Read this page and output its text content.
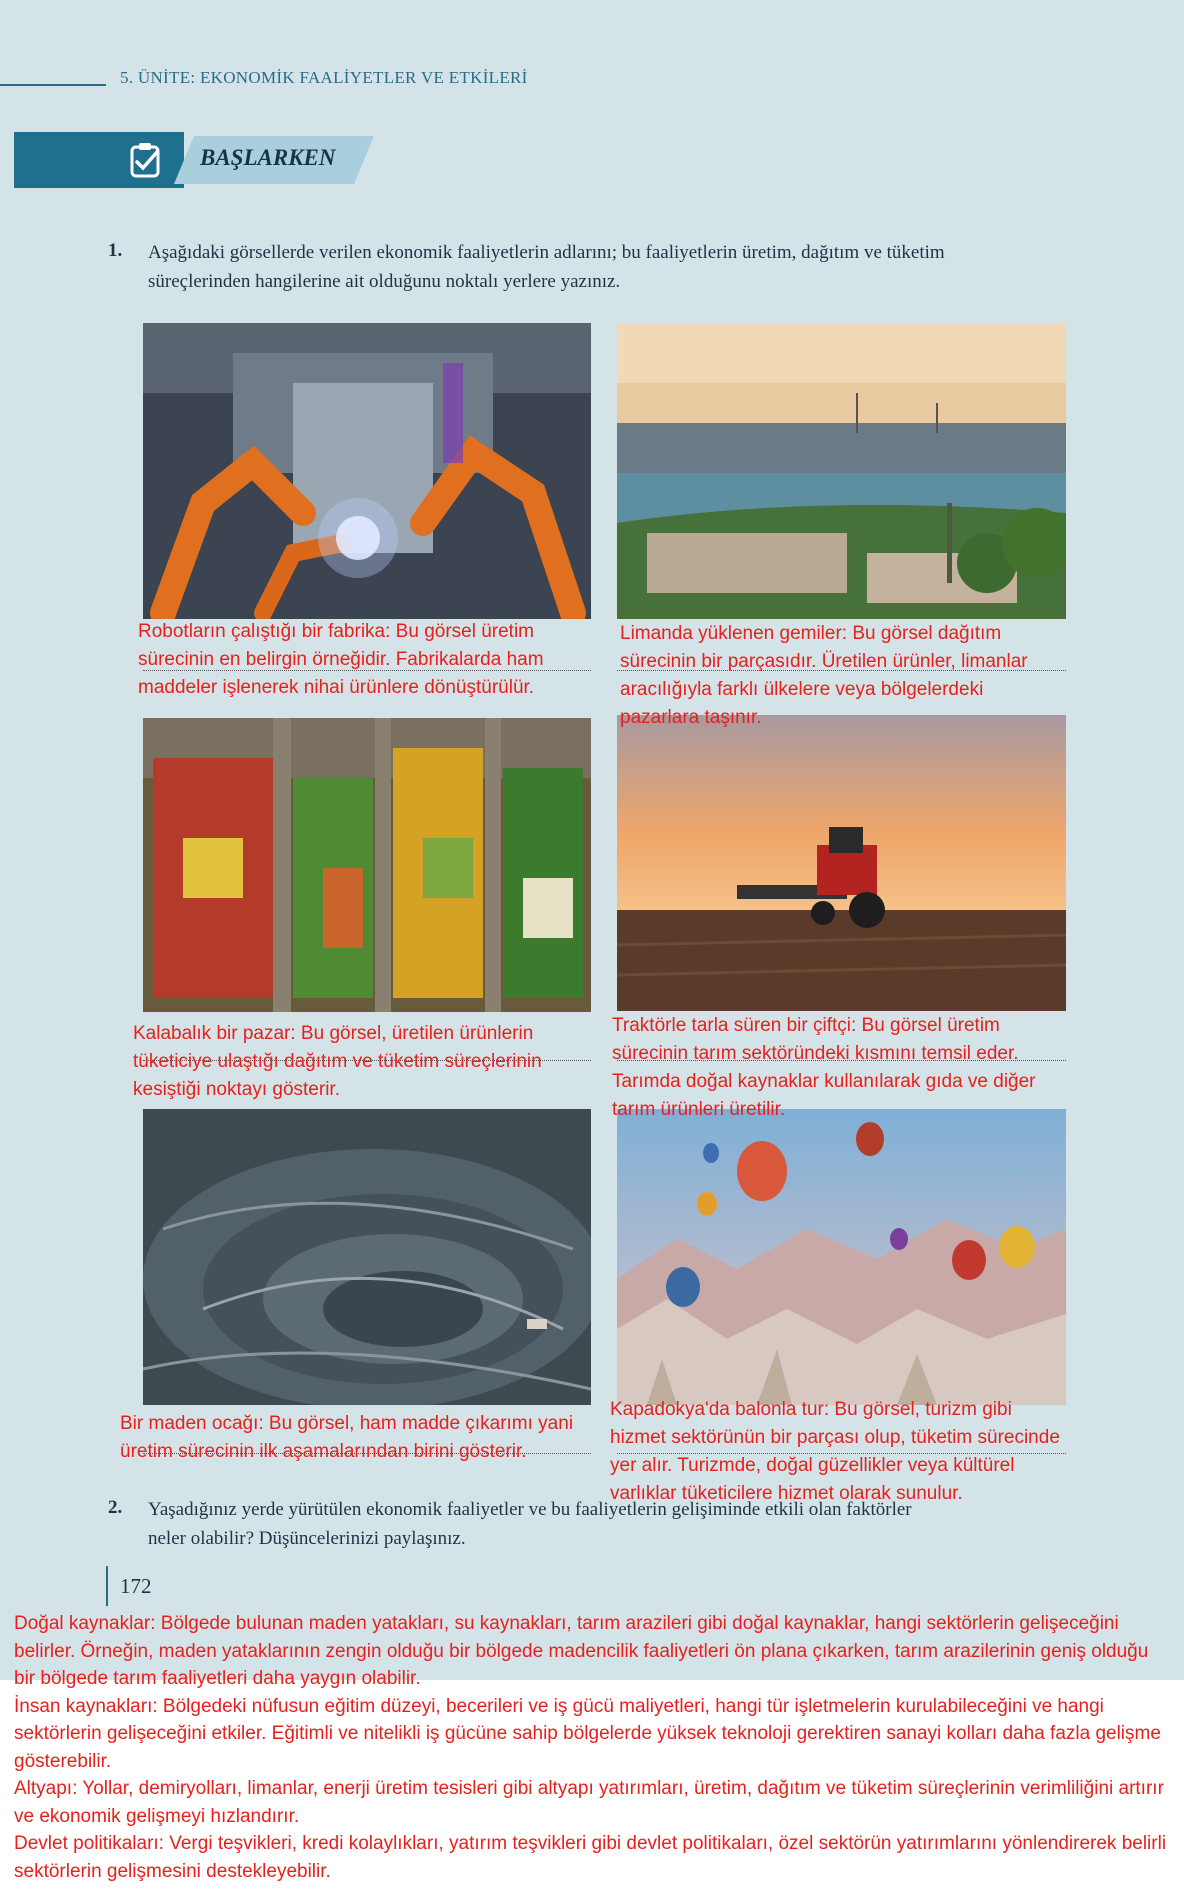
5. ÜNİTE: EKONOMİK FAALİYETLER VE ETKİLERİ
BAŞLARKEN
1. Aşağıdaki görsellerde verilen ekonomik faaliyetlerin adlarını; bu faaliyetlerin üretim, dağıtım ve tüketim
süreçlerinden hangilerine ait olduğunu noktalı yerlere yazınız.
2. Yaşadığınız yerde yürütülen ekonomik faaliyetler ve bu faaliyetlerin gelişiminde etkili olan faktörler
neler olabilir? Düşüncelerinizi paylaşınız.
Robotların çalıştığı bir fabrika: Bu görsel üretim sürecinin en belirgin örneğidir. Fabrikalarda ham maddeler işlenerek nihai ürünlere dönüştürülür.
Limanda yüklenen gemiler: Bu görsel dağıtım sürecinin bir parçasıdır. Üretilen ürünler, limanlar aracılığıyla farklı ülkelere veya bölgelerdeki pazarlara taşınır.
Kalabalık bir pazar: Bu görsel, üretilen ürünlerin tüketiciye ulaştığı dağıtım ve tüketim süreçlerinin kesiştiği noktayı gösterir.
Traktörle tarla süren bir çiftçi: Bu görsel üretim sürecinin tarım sektöründeki kısmını temsil eder. Tarımda doğal kaynaklar kullanılarak gıda ve diğer tarım ürünleri üretilir.
Bir maden ocağı: Bu görsel, ham madde çıkarımı yani üretim sürecinin ilk aşamalarından birini gösterir.
Kapadokya'da balonla tur: Bu görsel, turizm gibi hizmet sektörünün bir parçası olup, tüketim sürecinde yer alır. Turizmde, doğal güzellikler veya kültürel varlıklar tüketicilere hizmet olarak sunulur.
172

Doğal kaynaklar: Bölgede bulunan maden yatakları, su kaynakları, tarım arazileri gibi doğal kaynaklar, hangi sektörlerin gelişeceğini belirler. Örneğin, maden yataklarının zengin olduğu bir bölgede madencilik faaliyetleri ön plana çıkarken, tarım arazilerinin geniş olduğu bir bölgede tarım faaliyetleri daha yaygın olabilir.

İnsan kaynakları: Bölgedeki nüfusun eğitim düzeyi, becerileri ve iş gücü maliyetleri, hangi tür işletmelerin kurulabileceğini ve hangi sektörlerin gelişeceğini etkiler. Eğitimli ve nitelikli iş gücüne sahip bölgelerde yüksek teknoloji gerektiren sanayi kolları daha fazla gelişme gösterebilir.

Altyapı: Yollar, demiryolları, limanlar, enerji üretim tesisleri gibi altyapı yatırımları, üretim, dağıtım ve tüketim süreçlerinin verimliliğini artırır ve ekonomik gelişmeyi hızlandırır.

Devlet politikaları: Vergi teşvikleri, kredi kolaylıkları, yatırım teşvikleri gibi devlet politikaları, özel sektörün yatırımlarını yönlendirerek belirli sektörlerin gelişmesini destekleyebilir.
